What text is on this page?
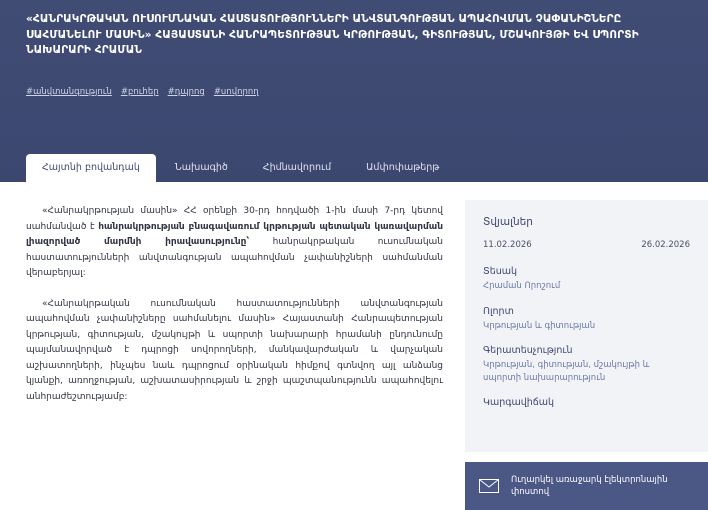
«ՀԱՆՐԱԿՐԹԱԿԱՆ ՈՒՍՈՒՄՆԱԿԱՆ ՀԱՍՏԱՏՈՒԹՅՈՒՆՆԵՐԻ ԱՆՎՏԱՆԳՈՒԹՅԱՆ ԱՊԱՀՈՎՄԱՆ ՉԱՓԱՆԻՇՆԵՐԸ ՍԱՀՄԱՆԵԼՈՒ ՄԱՍԻՆ» ՀԱՅԱՍՏԱՆԻ ՀԱՆՐԱՊԵՏՈՒԹՅԱՆ ԿՐԹՈՒԹՅԱՆ, ԳԻՏՈՒԹՅԱՆ, ՄՇԱԿՈՒՅԹԻ ԵՎ ՍՊՈՐՏԻ ՆԱԽԱՐԱՐԻ ՀՐԱՄԱՆ
#անվտանգություն #բուհեր #դպրոց #սովորող
Հայտնի բովանդակ	Նախագիծ	Հիմնավորում	Ամփոփաթերթ

«Հանրակրթության մասին» ՀՀ օրենքի 30-րդ հոդվածի 1-ին մասի 7-րդ կետով սահմանված է հանրակրթության բնագավառում կրթության պետական կառավարման լիազորված մարմնի իրավասությունը՝ հանրակրթական ուսումնական հաստատությունների անվտանգության ապահովման չափանիշների սահմանման վերաբերյալ:

«Հանրակրթական ուսումնական հաստատությունների անվտանգության ապահովման չափանիշները սահմանելու մասին» Հայաստանի Հանրապետության կրթության, գիտության, մշակույթի և սպորտի նախարարի հրամանի ընդունումը պայմանավորված է դպրոցի սովորողների, մանկավարժական և վարչական աշխատողների, ինչպես նաև դպրոցում օրինական հիմքով գտնվող այլ անձանց կյանքի, առողջության, աշխատասիրության և շրջի պաշտպանությունն ապահովելու անհրաժեշտությամբ:

Տվյալներ
11.02.2026	26.02.2026
Տեսակ
Հրաման Որոշում
Ոլորտ
Կրթության և գիտության
Գերատեսչություն
Կրթության, գիտության, մշակույթի և սպորտի նախարարություն
Կարգավիճակ
Ուղարկել առաջարկ էլեկտրոնային փոստով
